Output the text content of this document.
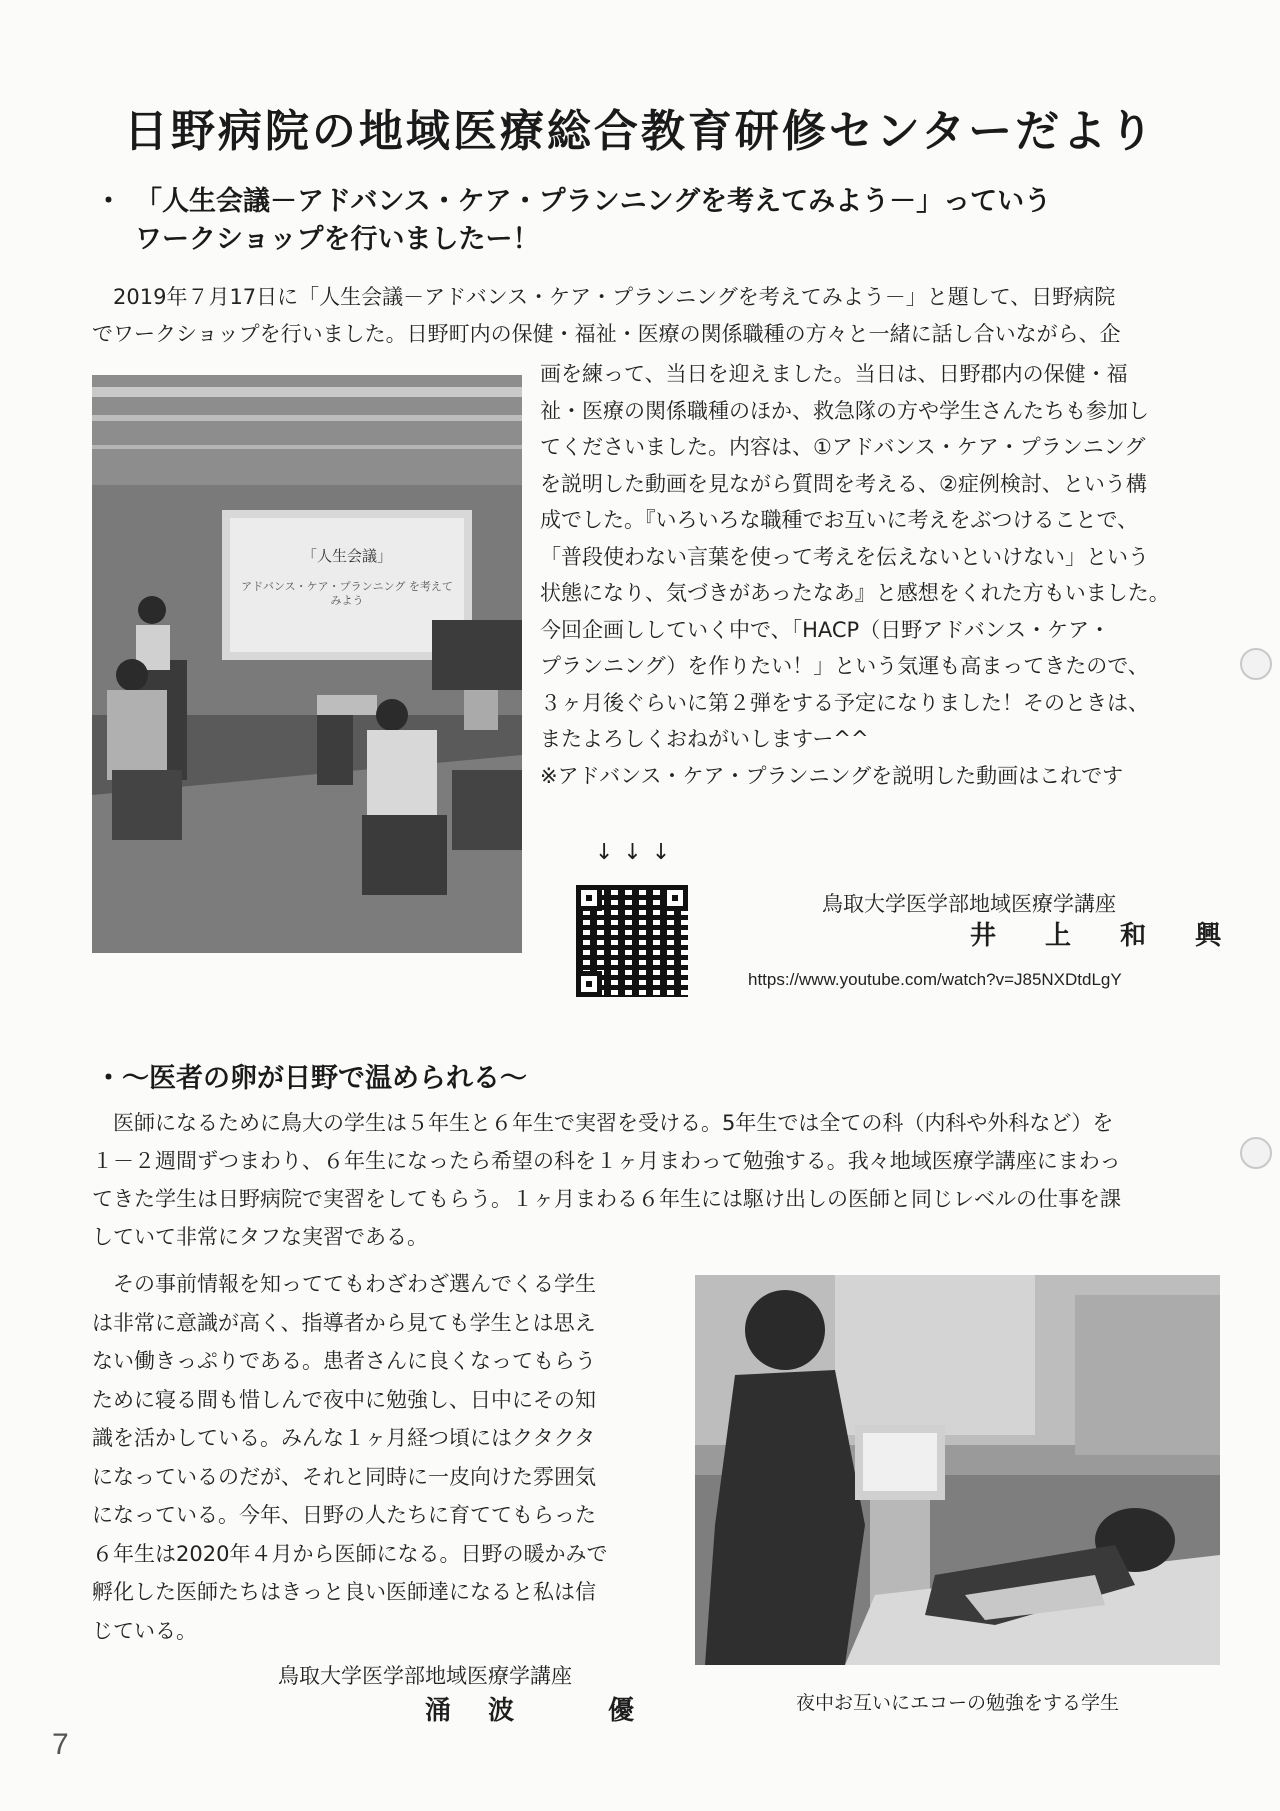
日野病院の地域医療総合教育研修センターだより
・ 「人生会議－アドバンス・ケア・プランニングを考えてみよう－」っていう
ワークショップを行いましたー！

2019年７月17日に「人生会議－アドバンス・ケア・プランニングを考えてみよう－」と題して、日野病院

でワークショップを行いました。日野町内の保健・福祉・医療の関係職種の方々と一緒に話し合いながら、企

「人生会議」
アドバンス・ケア・プランニング を考えてみよう

画を練って、当日を迎えました。当日は、日野郡内の保健・福

祉・医療の関係職種のほか、救急隊の方や学生さんたちも参加し

てくださいました。内容は、①アドバンス・ケア・プランニング

を説明した動画を見ながら質問を考える、②症例検討、という構

成でした。『いろいろな職種でお互いに考えをぶつけることで、

「普段使わない言葉を使って考えを伝えないといけない」という

状態になり、気づきがあったなあ』と感想をくれた方もいました。

今回企画ししていく中で、「HACP（日野アドバンス・ケア・

プランニング）を作りたい！」という気運も高まってきたので、

３ヶ月後ぐらいに第２弾をする予定になりました！そのときは、

またよろしくおねがいしますー^^

※アドバンス・ケア・プランニングを説明した動画はこれです

↓↓↓
鳥取大学医学部地域医療学講座
井 上 和 興
https://www.youtube.com/watch?v=J85NXDtdLgY
・～医者の卵が日野で温められる～

医師になるために鳥大の学生は５年生と６年生で実習を受ける。5年生では全ての科（内科や外科など）を

１－２週間ずつまわり、６年生になったら希望の科を１ヶ月まわって勉強する。我々地域医療学講座にまわっ

てきた学生は日野病院で実習をしてもらう。１ヶ月まわる６年生には駆け出しの医師と同じレベルの仕事を課

していて非常にタフな実習である。

その事前情報を知っててもわざわざ選んでくる学生

は非常に意識が高く、指導者から見ても学生とは思え

ない働きっぷりである。患者さんに良くなってもらう

ために寝る間も惜しんで夜中に勉強し、日中にその知

識を活かしている。みんな１ヶ月経つ頃にはクタクタ

になっているのだが、それと同時に一皮向けた雰囲気

になっている。今年、日野の人たちに育ててもらった

６年生は2020年４月から医師になる。日野の暖かみで

孵化した医師たちはきっと良い医師達になると私は信

じている。

鳥取大学医学部地域医療学講座
涌 波　　優	夜中お互いにエコーの勉強をする学生
7
